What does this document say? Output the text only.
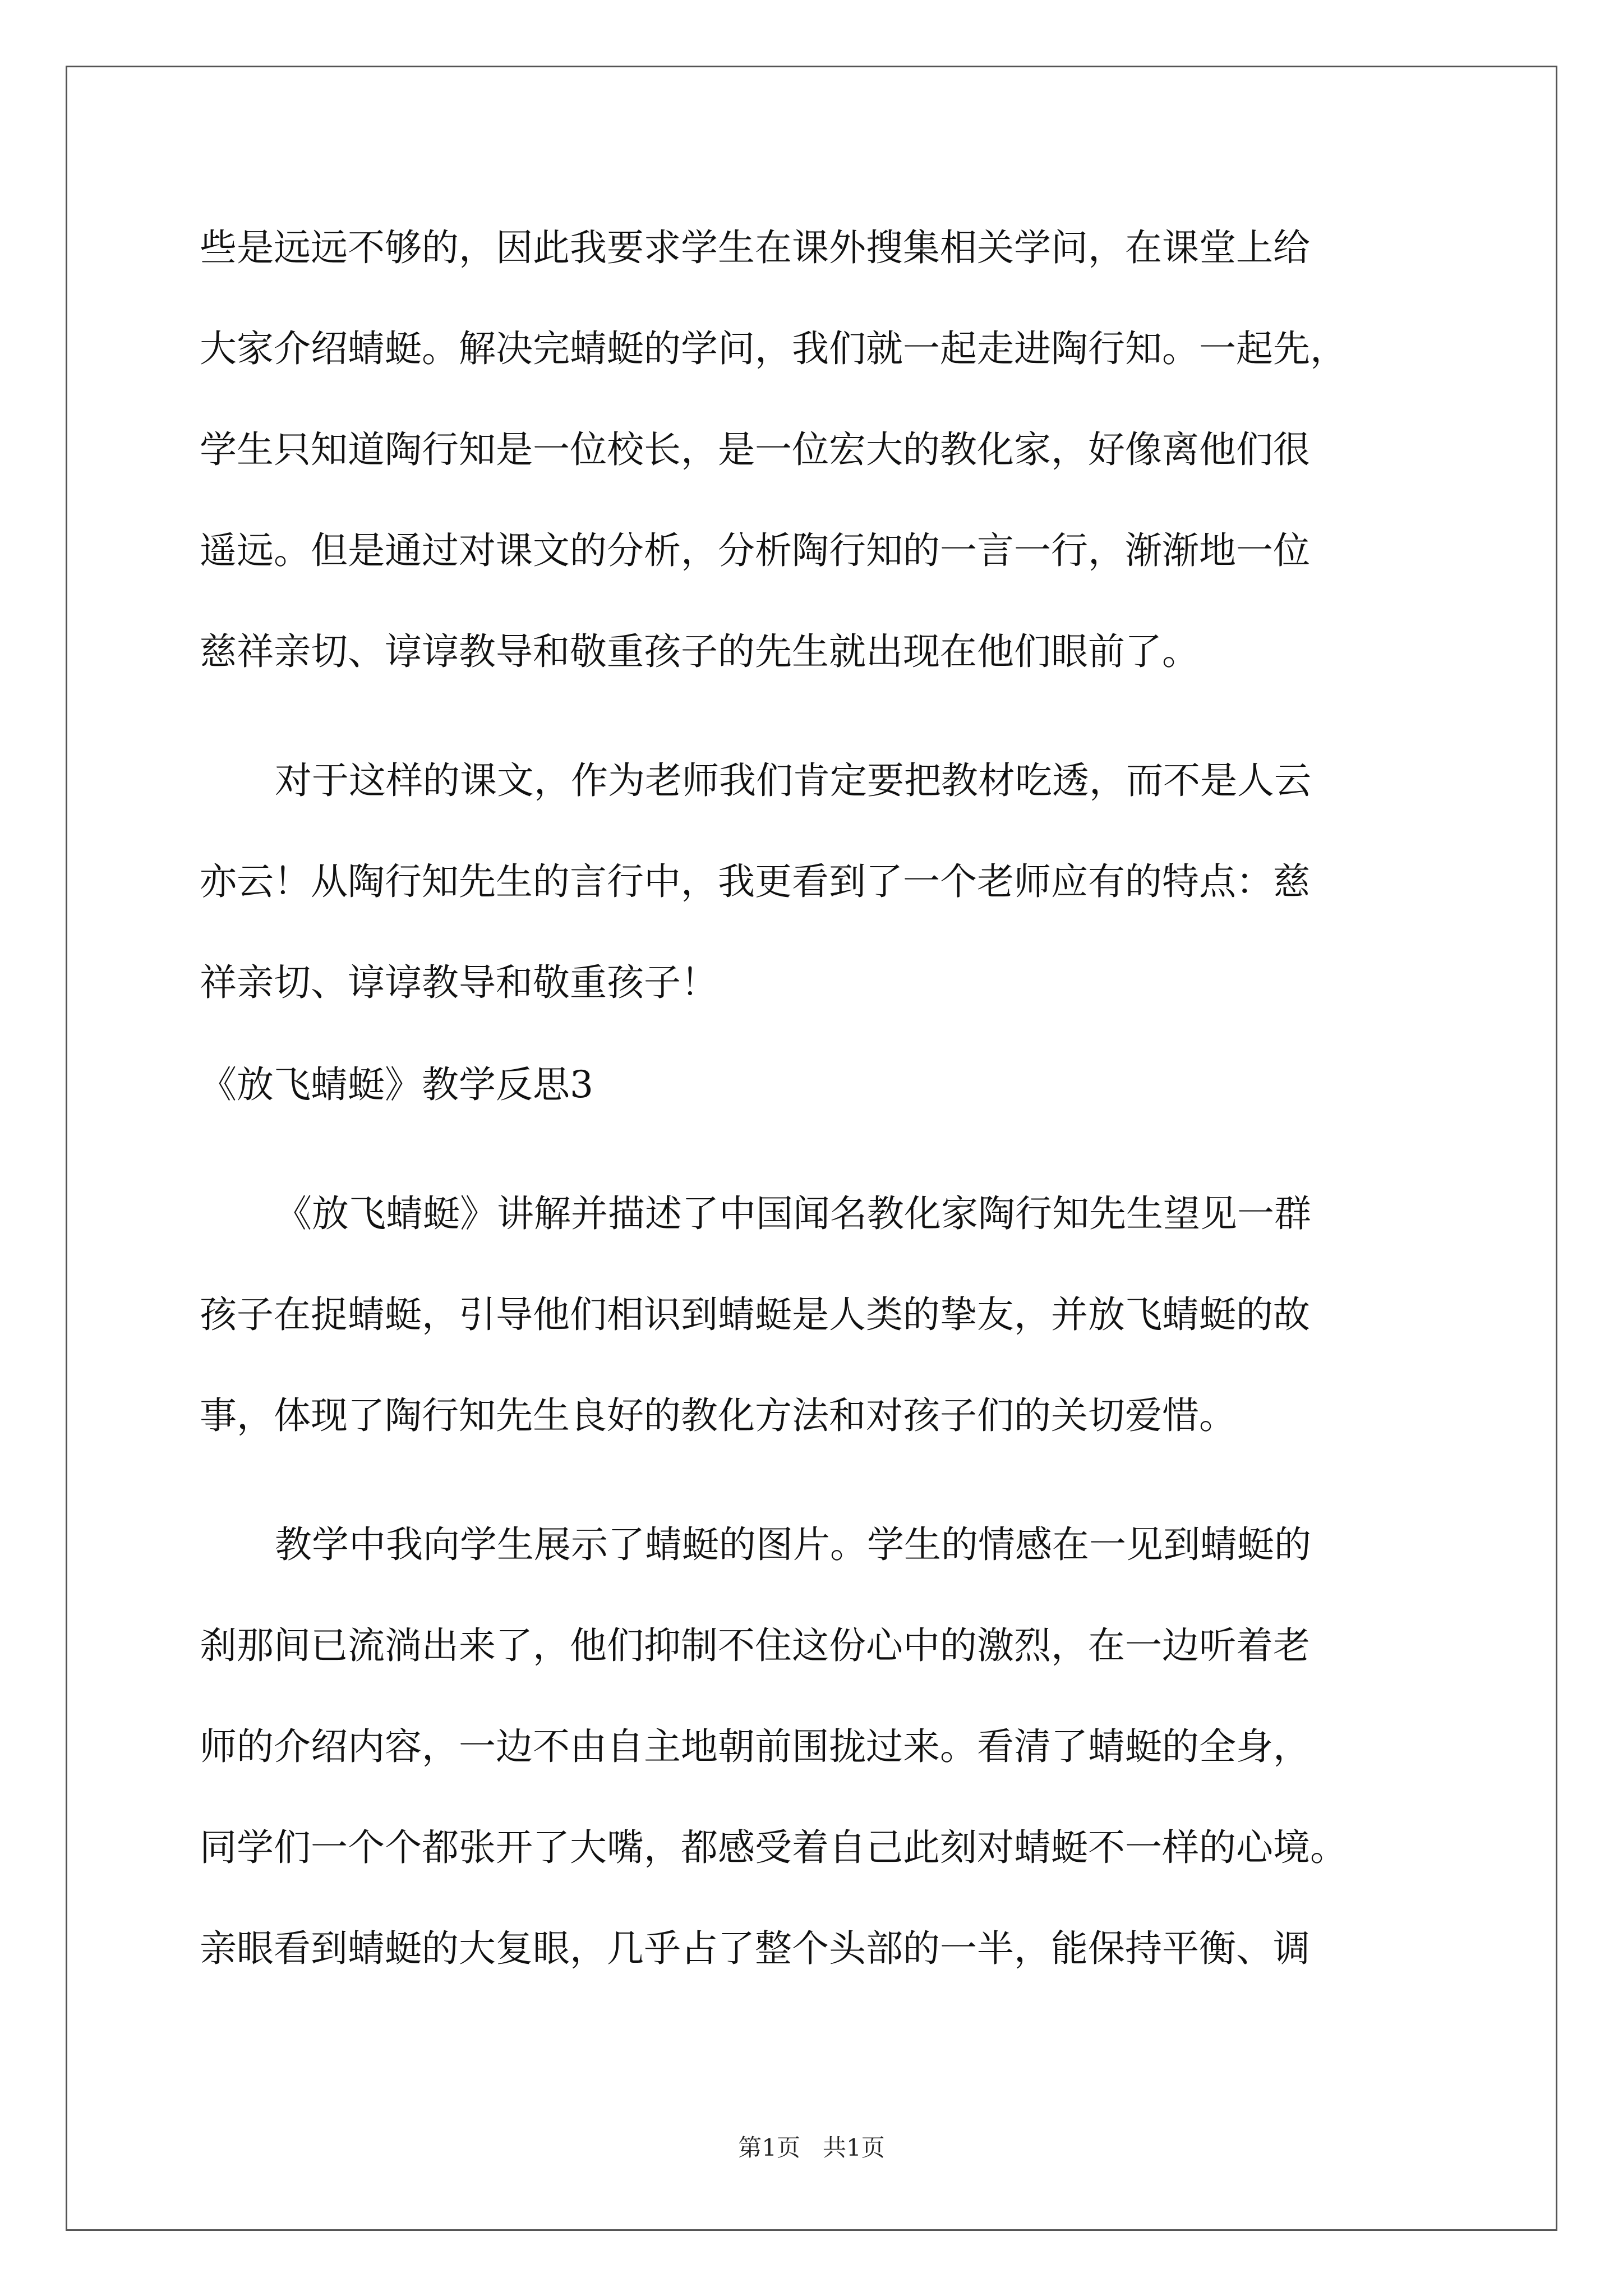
些是远远不够的，因此我要求学生在课外搜集相关学问，在课堂上给
大家介绍蜻蜓。解决完蜻蜓的学问，我们就一起走进陶行知。一起先，
学生只知道陶行知是一位校长，是一位宏大的教化家，好像离他们很
遥远。但是通过对课文的分析，分析陶行知的一言一行，渐渐地一位
慈祥亲切、谆谆教导和敬重孩子的先生就出现在他们眼前了。
对于这样的课文，作为老师我们肯定要把教材吃透，而不是人云
亦云！从陶行知先生的言行中，我更看到了一个老师应有的特点：慈
祥亲切、谆谆教导和敬重孩子！
《放飞蜻蜓》教学反思3
《放飞蜻蜓》讲解并描述了中国闻名教化家陶行知先生望见一群
孩子在捉蜻蜓，引导他们相识到蜻蜓是人类的挚友，并放飞蜻蜓的故
事，体现了陶行知先生良好的教化方法和对孩子们的关切爱惜。
教学中我向学生展示了蜻蜓的图片。学生的情感在一见到蜻蜓的
刹那间已流淌出来了，他们抑制不住这份心中的激烈，在一边听着老
师的介绍内容，一边不由自主地朝前围拢过来。看清了蜻蜓的全身，
同学们一个个都张开了大嘴，都感受着自己此刻对蜻蜓不一样的心境。
亲眼看到蜻蜓的大复眼，几乎占了整个头部的一半，能保持平衡、调
第1页   共1页
